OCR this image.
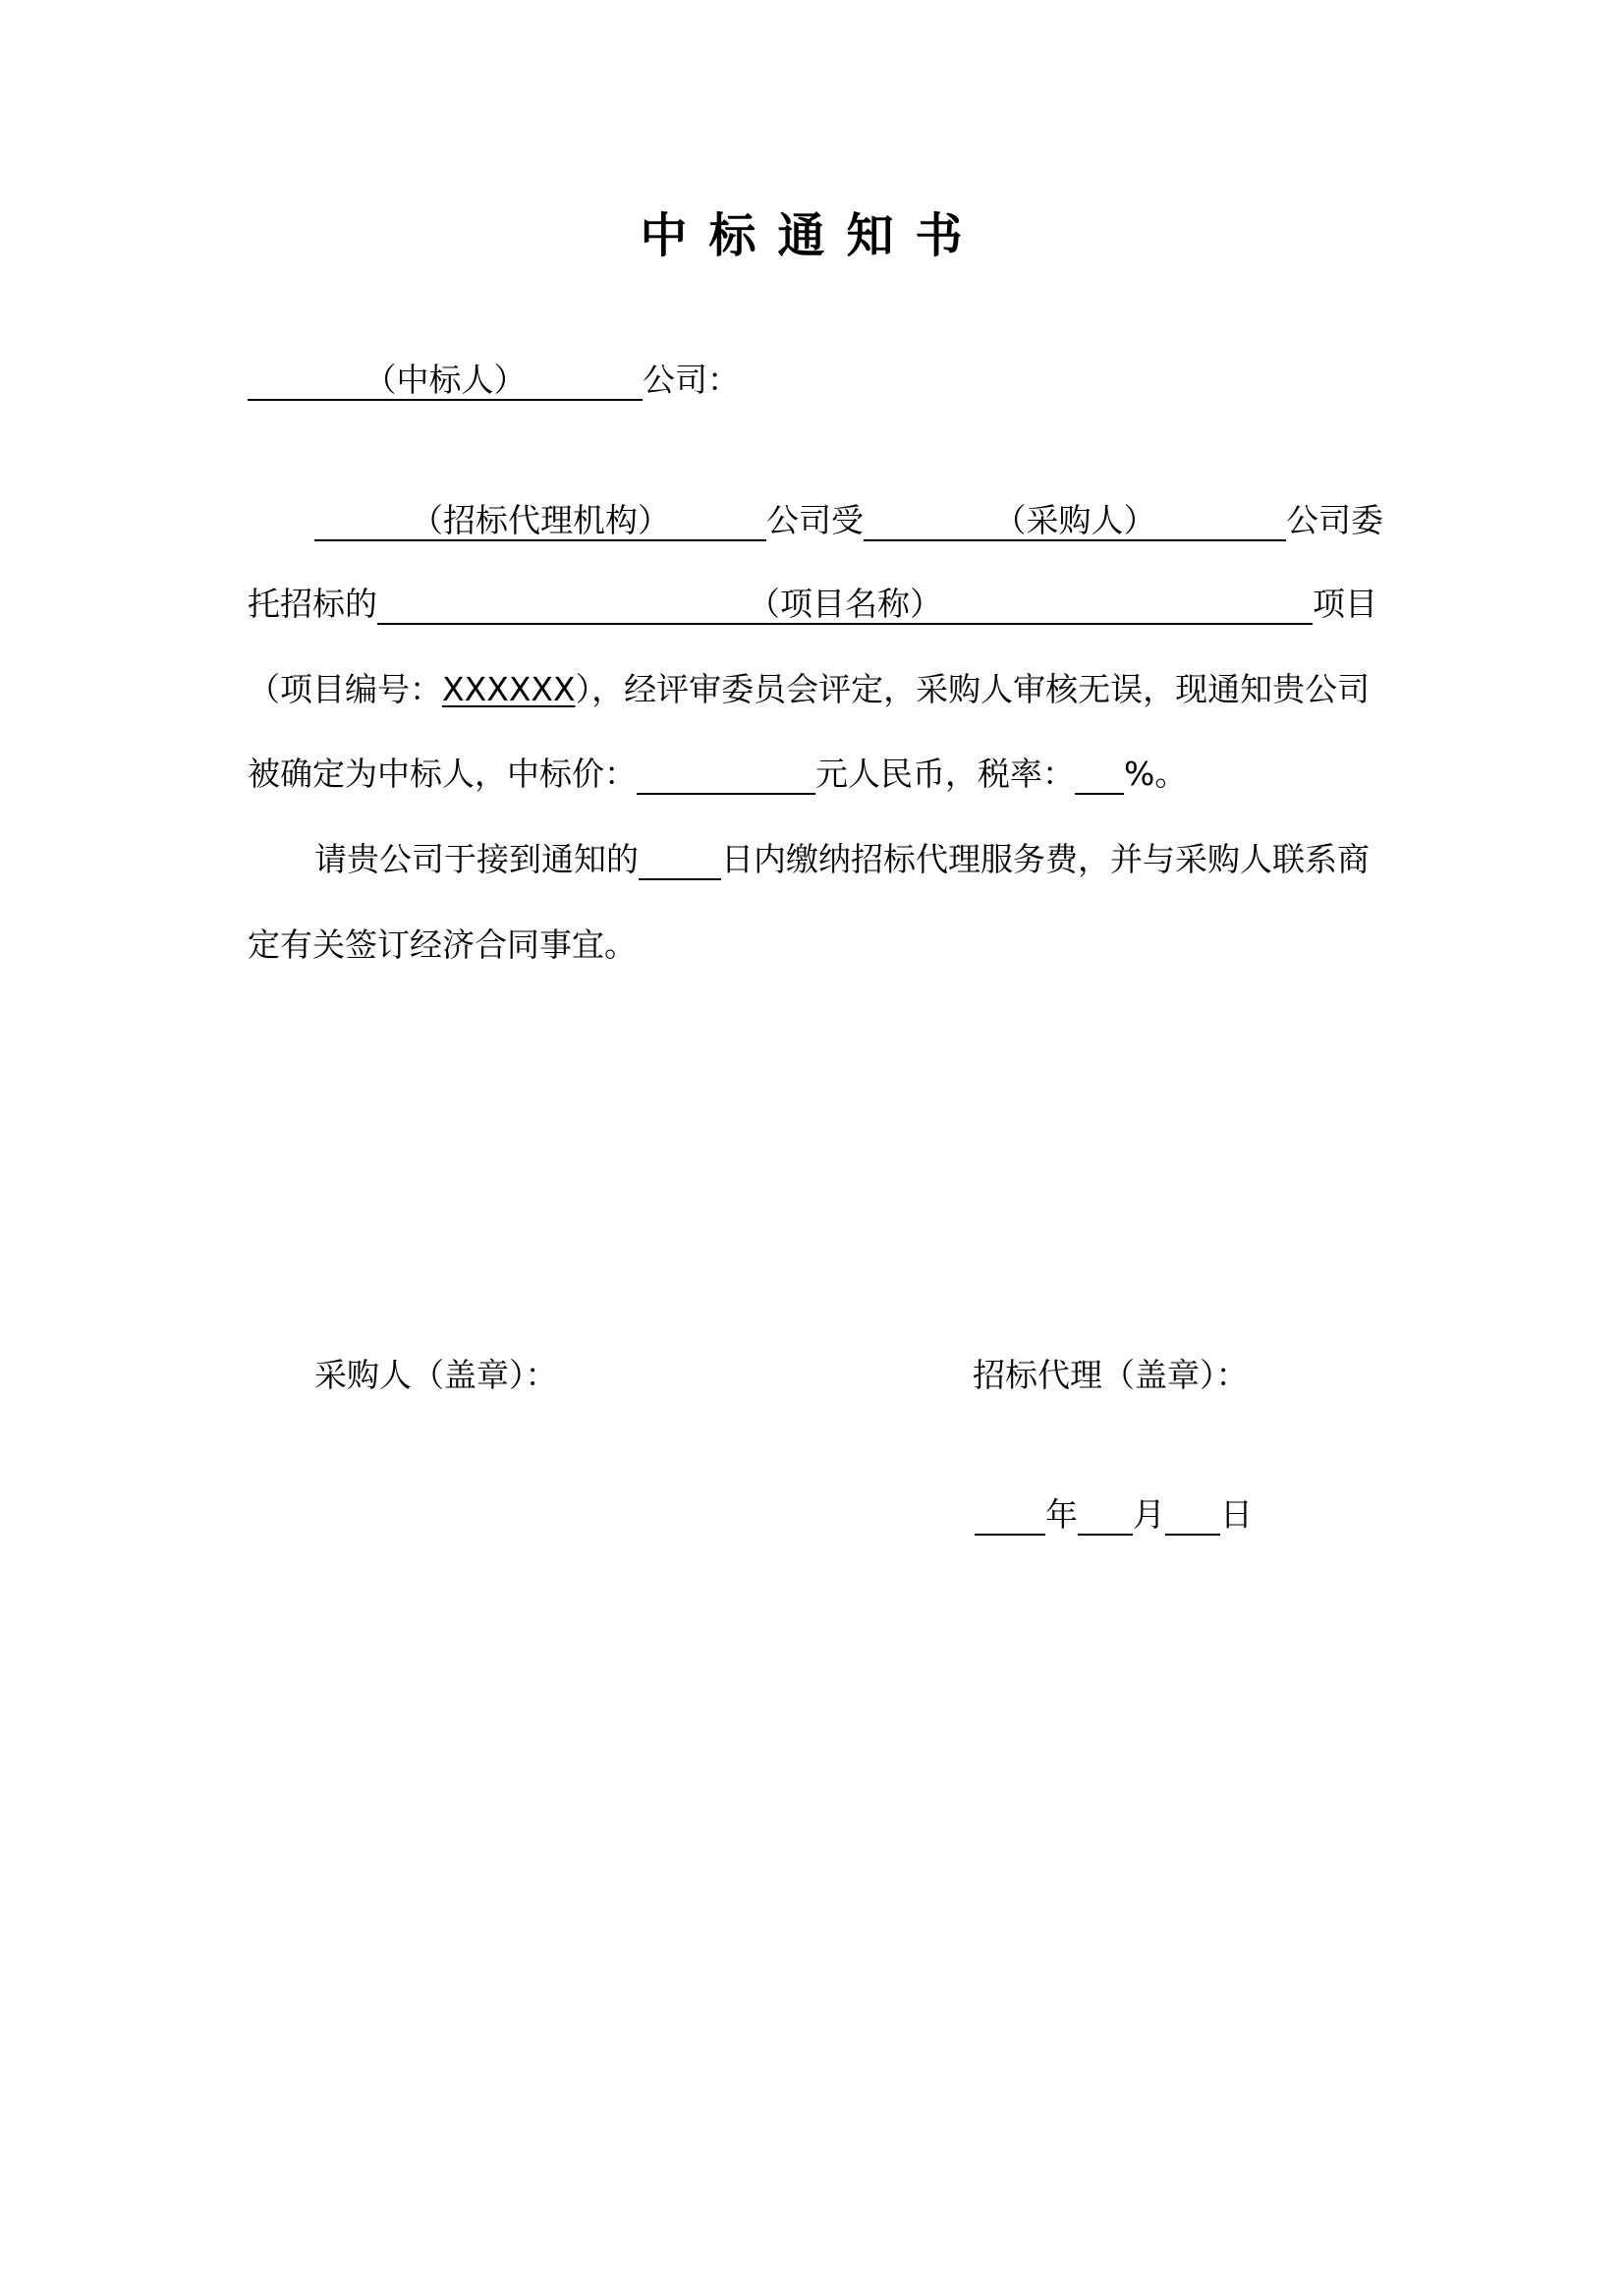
中标通知书
（中标人）	公司：
（招标代理机构）	公司受	（采购人）	公司委
托招标的	（项目名称）	项目
（项目编号：XXXXXX），经评审委员会评定，采购人审核无误，现通知贵公司
被确定为中标人，中标价：	元人民币，税率： %。
请贵公司于接到通知的	日内缴纳招标代理服务费，并与采购人联系商
定有关签订经济合同事宜。
采购人（盖章）：	招标代理（盖章）：
年 月 日
